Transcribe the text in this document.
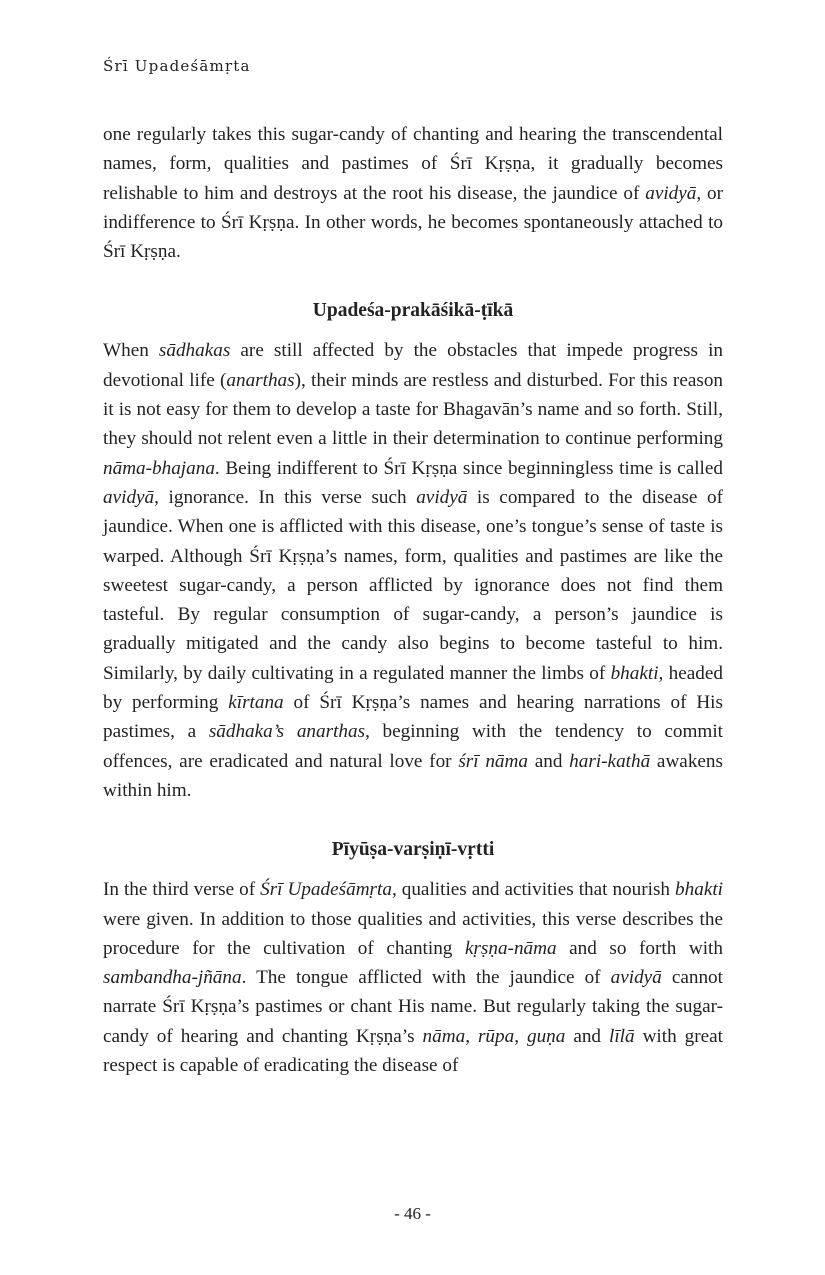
Śrī Upadeśāmṛta

one regularly takes this sugar-candy of chanting and hearing the transcendental names, form, qualities and pastimes of Śrī Kṛṣṇa, it gradually becomes relishable to him and destroys at the root his disease, the jaundice of avidyā, or indifference to Śrī Kṛṣṇa. In other words, he becomes spontaneously attached to Śrī Kṛṣṇa.

Upadeśa-prakāśikā-ṭīkā

When sādhakas are still affected by the obstacles that impede progress in devotional life (anarthas), their minds are restless and disturbed. For this reason it is not easy for them to develop a taste for Bhagavān’s name and so forth. Still, they should not relent even a little in their determination to continue performing nāma-bhajana. Being indifferent to Śrī Kṛṣṇa since beginningless time is called avidyā, ignorance. In this verse such avidyā is compared to the disease of jaundice. When one is afflicted with this disease, one’s tongue’s sense of taste is warped. Although Śrī Kṛṣṇa’s names, form, qualities and pastimes are like the sweetest sugar-candy, a person afflicted by ignorance does not find them tasteful. By regular consumption of sugar-candy, a person’s jaundice is gradually mitigated and the candy also begins to become tasteful to him. Similarly, by daily cultivating in a regulated manner the limbs of bhakti, headed by performing kīrtana of Śrī Kṛṣṇa’s names and hearing narrations of His pastimes, a sādhaka’s anarthas, beginning with the tendency to commit offences, are eradicated and natural love for śrī nāma and hari-kathā awakens within him.

Pīyūṣa-varṣiṇī-vṛtti

In the third verse of Śrī Upadeśāmṛta, qualities and activities that nourish bhakti were given. In addition to those qualities and activities, this verse describes the procedure for the cultivation of chanting kṛṣṇa-nāma and so forth with sambandha-jñāna. The tongue afflicted with the jaundice of avidyā cannot narrate Śrī Kṛṣṇa’s pastimes or chant His name. But regularly taking the sugar-candy of hearing and chanting Kṛṣṇa’s nāma, rūpa, guṇa and līlā with great respect is capable of eradicating the disease of

- 46 -
